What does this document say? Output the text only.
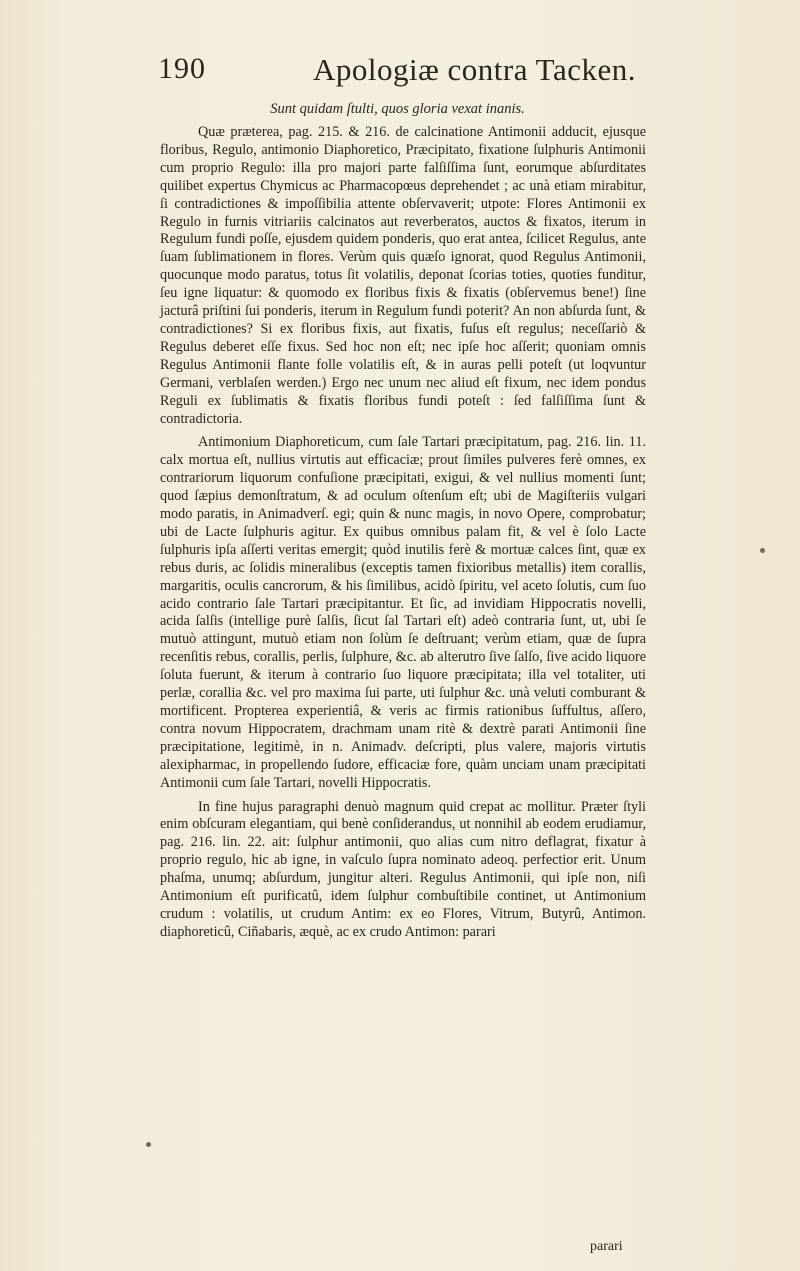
190	Apologiæ contra Tacken.
Sunt quidam ſtulti, quos gloria vexat inanis.

Quæ præterea, pag. 215. & 216. de calcinatione Antimonii adducit, ejusque floribus, Regulo, antimonio Diaphoretico, Præcipitato, fixatione ſulphuris Antimonii cum proprio Regulo: illa pro majori parte falſiſſima ſunt, eorumque abſurditates quilibet expertus Chymicus ac Pharmacopœus deprehendet ; ac unà etiam mirabitur, ſi contradictiones & impoſſibilia attente obſervaverit; utpote: Flores Antimonii ex Regulo in furnis vitriariis calcinatos aut reverberatos, auctos & fixatos, iterum in Regulum fundi poſſe, ejusdem quidem ponderis, quo erat antea, ſcilicet Regulus, ante ſuam ſublimationem in flores. Verùm quis quæſo ignorat, quod Regulus Antimonii, quocunque modo paratus, totus ſit volatilis, deponat ſcorias toties, quoties funditur, ſeu igne liquatur: & quomodo ex floribus fixis & fixatis (obſervemus bene!) ſine jacturâ priſtini ſui ponderis, iterum in Regulum fundi poterit? An non abſurda ſunt, & contradictiones? Si ex floribus fixis, aut fixatis, fuſus eſt regulus; neceſſariò & Regulus deberet eſſe fixus. Sed hoc non eſt; nec ipſe hoc aſſerit; quoniam omnis Regulus Antimonii flante folle volatilis eſt, & in auras pelli poteſt (ut loqvuntur Germani, verblaſen werden.) Ergo nec unum nec aliud eſt fixum, nec idem pondus Reguli ex ſublimatis & fixatis floribus fundi poteſt : ſed falſiſſima ſunt & contradictoria.

Antimonium Diaphoreticum, cum ſale Tartari præcipitatum, pag. 216. lin. 11. calx mortua eſt, nullius virtutis aut efficaciæ; prout ſimiles pulveres ferè omnes, ex contrariorum liquorum confuſione præcipitati, exigui, & vel nullius momenti ſunt; quod ſæpius demonſtratum, & ad oculum oſtenſum eſt; ubi de Magiſteriis vulgari modo paratis, in Animadverſ. egi; quin & nunc magis, in novo Opere, comprobatur; ubi de Lacte ſulphuris agitur. Ex quibus omnibus palam fit, & vel è ſolo Lacte ſulphuris ipſa aſſerti veritas emergit; quòd inutilis ferè & mortuæ calces ſint, quæ ex rebus duris, ac ſolidis mineralibus (exceptis tamen fixioribus metallis) item corallis, margaritis, oculis cancrorum, & his ſimilibus, acidò ſpiritu, vel aceto ſolutis, cum ſuo acido contrario ſale Tartari præcipitantur. Et ſic, ad invidiam Hippocratis novelli, acida ſalſis (intellige purè ſalſis, ſicut ſal Tartari eſt) adeò contraria ſunt, ut, ubi ſe mutuò attingunt, mutuò etiam non ſolùm ſe deſtruant; verùm etiam, quæ de ſupra recenſitis rebus, corallis, perlis, ſulphure, &c. ab alterutro ſive ſalſo, ſive acido liquore ſoluta fuerunt, & iterum à contrario ſuo liquore præcipitata; illa vel totaliter, uti perlæ, corallia &c. vel pro maxima ſui parte, uti ſulphur &c. unà veluti comburant & mortificent. Propterea experientiâ, & veris ac firmis rationibus ſuffultus, aſſero, contra novum Hippocratem, drachmam unam ritè & dextrè parati Antimonii ſine præcipitatione, legitimè, in n. Animadv. deſcripti, plus valere, majoris virtutis alexipharmac, in propellendo ſudore, efficaciæ fore, quàm unciam unam præcipitati Antimonii cum ſale Tartari, novelli Hippocratis.

In fine hujus paragraphi denuò magnum quid crepat ac mollitur. Præter ſtyli enim obſcuram elegantiam, qui benè conſiderandus, ut nonnihil ab eodem erudiamur, pag. 216. lin. 22. ait: ſulphur antimonii, quo alias cum nitro deflagrat, fixatur à proprio regulo, hic ab igne, in vaſculo ſupra nominato adeoq. perfectior erit. Unum phaſma, unumq; abſurdum, jungitur alteri. Regulus Antimonii, qui ipſe non, niſi Antimonium eſt purificatû, idem ſulphur combuſtibile continet, ut Antimonium crudum : volatilis, ut crudum Antim: ex eo Flores, Vitrum, Butyrû, Antimon. diaphoreticû, Ciñabaris, æquè, ac ex crudo Antimon: parari

parari
